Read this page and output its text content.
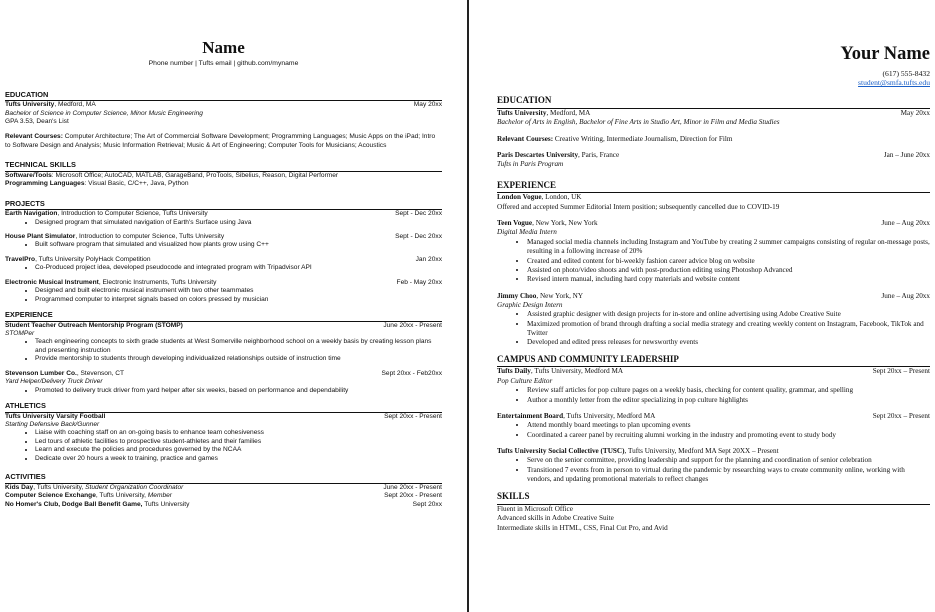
Name
Phone number | Tufts email | github.com/myname
EDUCATION
Tufts University, Medford, MA	May 20xx
Bachelor of Science in Computer Science, Minor Music Engineering
GPA 3.53, Dean's List
Relevant Courses: Computer Architecture; The Art of Commercial Software Development; Programming Languages; Music Apps on the iPad; Intro to Software Design and Analysis; Music Information Retrieval; Music & Art of Engineering; Computer Tools for Musicians; Acoustics
TECHNICAL SKILLS
Software/Tools: Microsoft Office; AutoCAD, MATLAB, GarageBand, ProTools, Sibelius, Reason, Digital Performer
Programming Languages: Visual Basic, C/C++, Java, Python
PROJECTS
Earth Navigation, Introduction to Computer Science, Tufts University	Sept - Dec 20xx
• Designed program that simulated navigation of Earth's Surface using Java
House Plant Simulator, Introduction to computer Science, Tufts University	Sept - Dec 20xx
• Built software program that simulated and visualized how plants grow using C++
TravelPro, Tufts University PolyHack Competition	Jan 20xx
• Co-Produced project idea, developed pseudocode and integrated program with Tripadvisor API
Electronic Musical Instrument, Electronic Instruments, Tufts University	Feb - May 20xx
• Designed and built electronic musical instrument with two other teammates
• Programmed computer to interpret signals based on colors pressed by musician
EXPERIENCE
Student Teacher Outreach Mentorship Program (STOMP)	June 20xx - Present
STOMPer
• Teach engineering concepts to sixth grade students at West Somerville neighborhood school on a weekly basis by creating lesson plans and presenting instruction
• Provide mentorship to students through developing individualized relationships outside of instruction time
Stevenson Lumber Co., Stevenson, CT	Sept 20xx - Feb20xx
Yard Helper/Delivery Truck Driver
• Promoted to delivery truck driver from yard helper after six weeks, based on performance and dependability
ATHLETICS
Tufts University Varsity Football	Sept 20xx - Present
Starting Defensive Back/Gunner
• Liaise with coaching staff on an on-going basis to enhance team cohesiveness
• Led tours of athletic facilities to prospective student-athletes and their families
• Learn and execute the policies and procedures governed by the NCAA
• Dedicate over 20 hours a week to training, practice and games
ACTIVITIES
Kids Day, Tufts University, Student Organization Coordinator	June 20xx - Present
Computer Science Exchange, Tufts University, Member	Sept 20xx - Present
No Homer's Club, Dodge Ball Benefit Game, Tufts University	Sept 20xx
Your Name
(617) 555-8432
student@smfa.tufts.edu
EDUCATION
Tufts University, Medford, MA	May 20xx
Bachelor of Arts in English, Bachelor of Fine Arts in Studio Art, Minor in Film and Media Studies
Relevant Courses: Creative Writing, Intermediate Journalism, Direction for Film
Paris Descartes University, Paris, France	Jan – June 20xx
Tufts in Paris Program
EXPERIENCE
London Vogue, London, UK
Offered and accepted Summer Editorial Intern position; subsequently cancelled due to COVID-19
Teen Vogue, New York, New York	June – Aug 20xx
Digital Media Intern
• Managed social media channels including Instagram and YouTube by creating 2 summer campaigns consisting of regular on-message posts, resulting in a following increase of 20%
• Created and edited content for bi-weekly fashion career advice blog on website
• Assisted on photo/video shoots and with post-production editing using Photoshop Advanced
• Revised intern manual, including hard copy materials and website content
Jimmy Choo, New York, NY	June – Aug 20xx
Graphic Design Intern
• Assisted graphic designer with design projects for in-store and online advertising using Adobe Creative Suite
• Maximized promotion of brand through drafting a social media strategy and creating weekly content on Instagram, Facebook, TikTok and Twitter
• Developed and edited press releases for newsworthy events
CAMPUS AND COMMUNITY LEADERSHIP
Tufts Daily, Tufts University, Medford MA	Sept 20xx – Present
Pop Culture Editor
• Review staff articles for pop culture pages on a weekly basis, checking for content quality, grammar, and spelling
• Author a monthly letter from the editor specializing in pop culture highlights
Entertainment Board, Tufts University, Medford MA	Sept 20xx – Present
• Attend monthly board meetings to plan upcoming events
• Coordinated a career panel by recruiting alumni working in the industry and promoting event to study body
Tufts University Social Collective (TUSC), Tufts University, Medford MA Sept 20XX – Present
• Serve on the senior committee, providing leadership and support for the planning and coordination of senior celebration
• Transitioned 7 events from in person to virtual during the pandemic by researching ways to create community online, working with vendors, and updating promotional materials to reflect changes
SKILLS
Fluent in Microsoft Office
Advanced skills in Adobe Creative Suite
Intermediate skills in HTML, CSS, Final Cut Pro, and Avid
